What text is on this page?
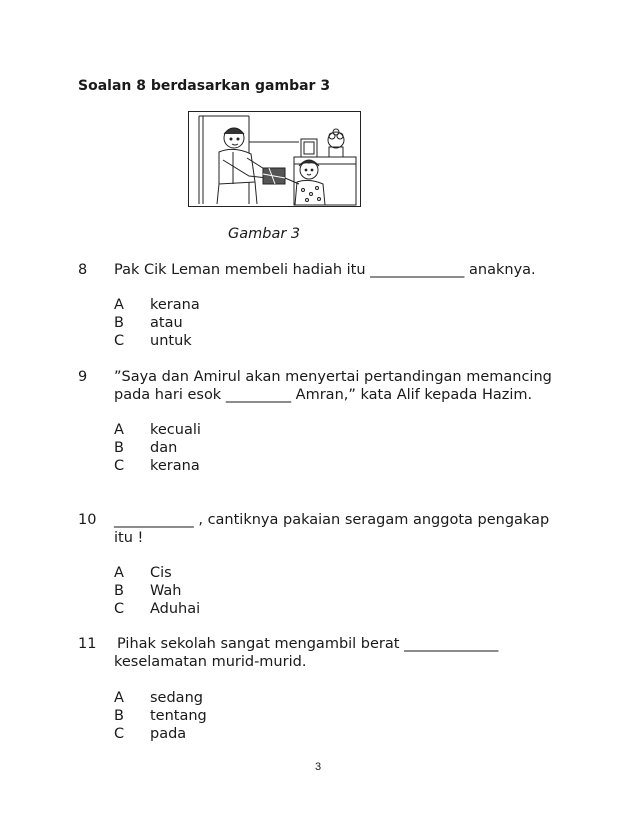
Soalan 8 berdasarkan gambar 3
Gambar 3
8 Pak Cik Leman membeli hadiah itu _____________ anaknya.
A kerana
B atau
C untuk
9 ”Saya dan Amirul akan menyertai pertandingan memancing
pada hari esok _________ Amran,” kata Alif kepada Hazim.
A kecuali
B dan
C kerana
10 ___________ , cantiknya pakaian seragam anggota pengakap
itu !
A Cis
B Wah
C Aduhai
11 Pihak sekolah sangat mengambil berat _____________
keselamatan murid-murid.
A sedang
B tentang
C pada
3
